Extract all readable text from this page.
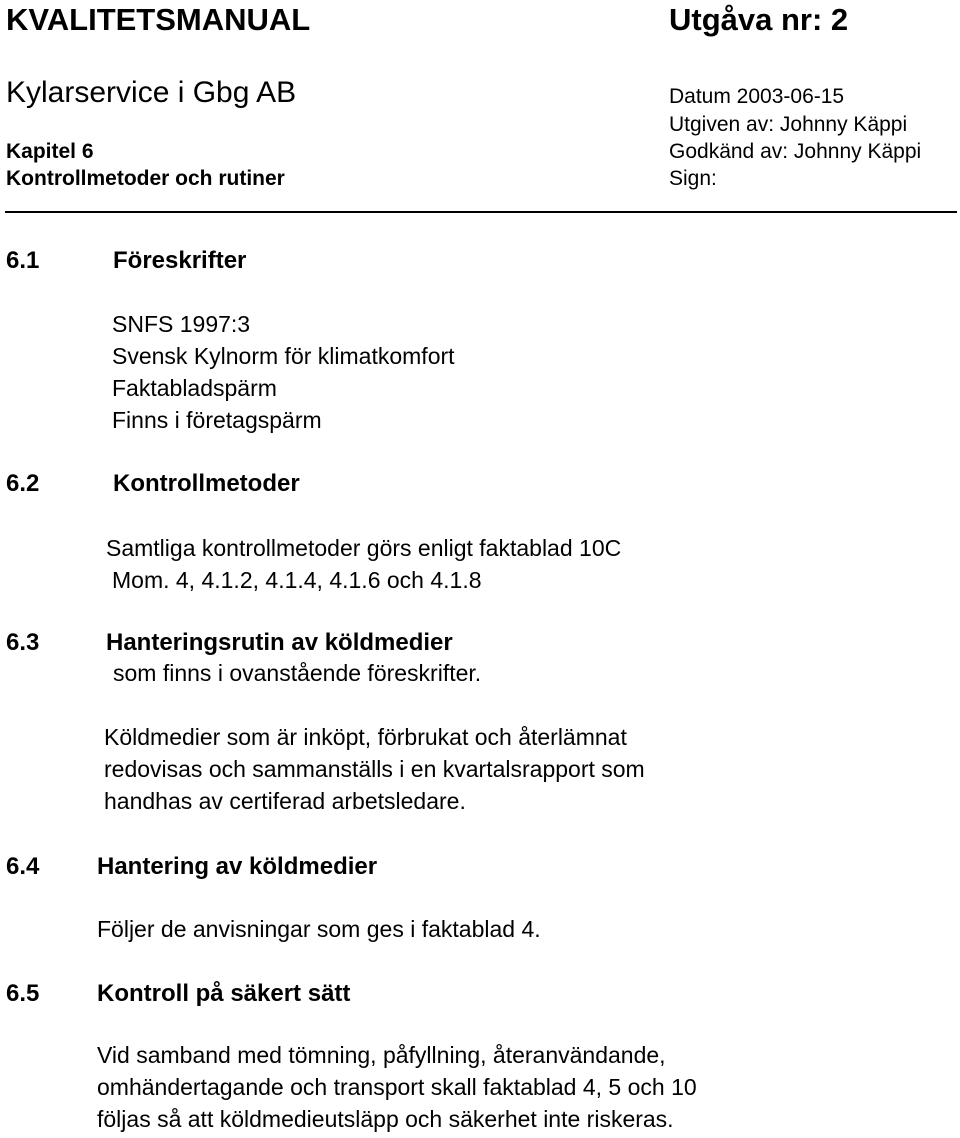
KVALITETSMANUAL	Utgåva nr: 2
Kylarservice i Gbg AB	Datum 2003-06-15
Utgiven av: Johnny Käppi
Kapitel 6	Godkänd av: Johnny Käppi
Kontrollmetoder och rutiner	Sign:
6.1	Föreskrifter
SNFS 1997:3
Svensk Kylnorm för klimatkomfort
Faktabladspärm
Finns i företagspärm
6.2	Kontrollmetoder
Samtliga kontrollmetoder görs enligt faktablad 10C
Mom. 4, 4.1.2, 4.1.4, 4.1.6 och 4.1.8
6.3	Hanteringsrutin av köldmedier
som finns i ovanstående föreskrifter.
Köldmedier som är inköpt, förbrukat och återlämnat
redovisas och sammanställs i en kvartalsrapport som
handhas av certiferad arbetsledare.
6.4 Hantering av köldmedier
Följer de anvisningar som ges i faktablad 4.
6.5 Kontroll på säkert sätt
Vid samband med tömning, påfyllning, återanvändande,
omhändertagande och transport skall faktablad 4, 5 och 10
följas så att köldmedieutsläpp och säkerhet inte riskeras.
